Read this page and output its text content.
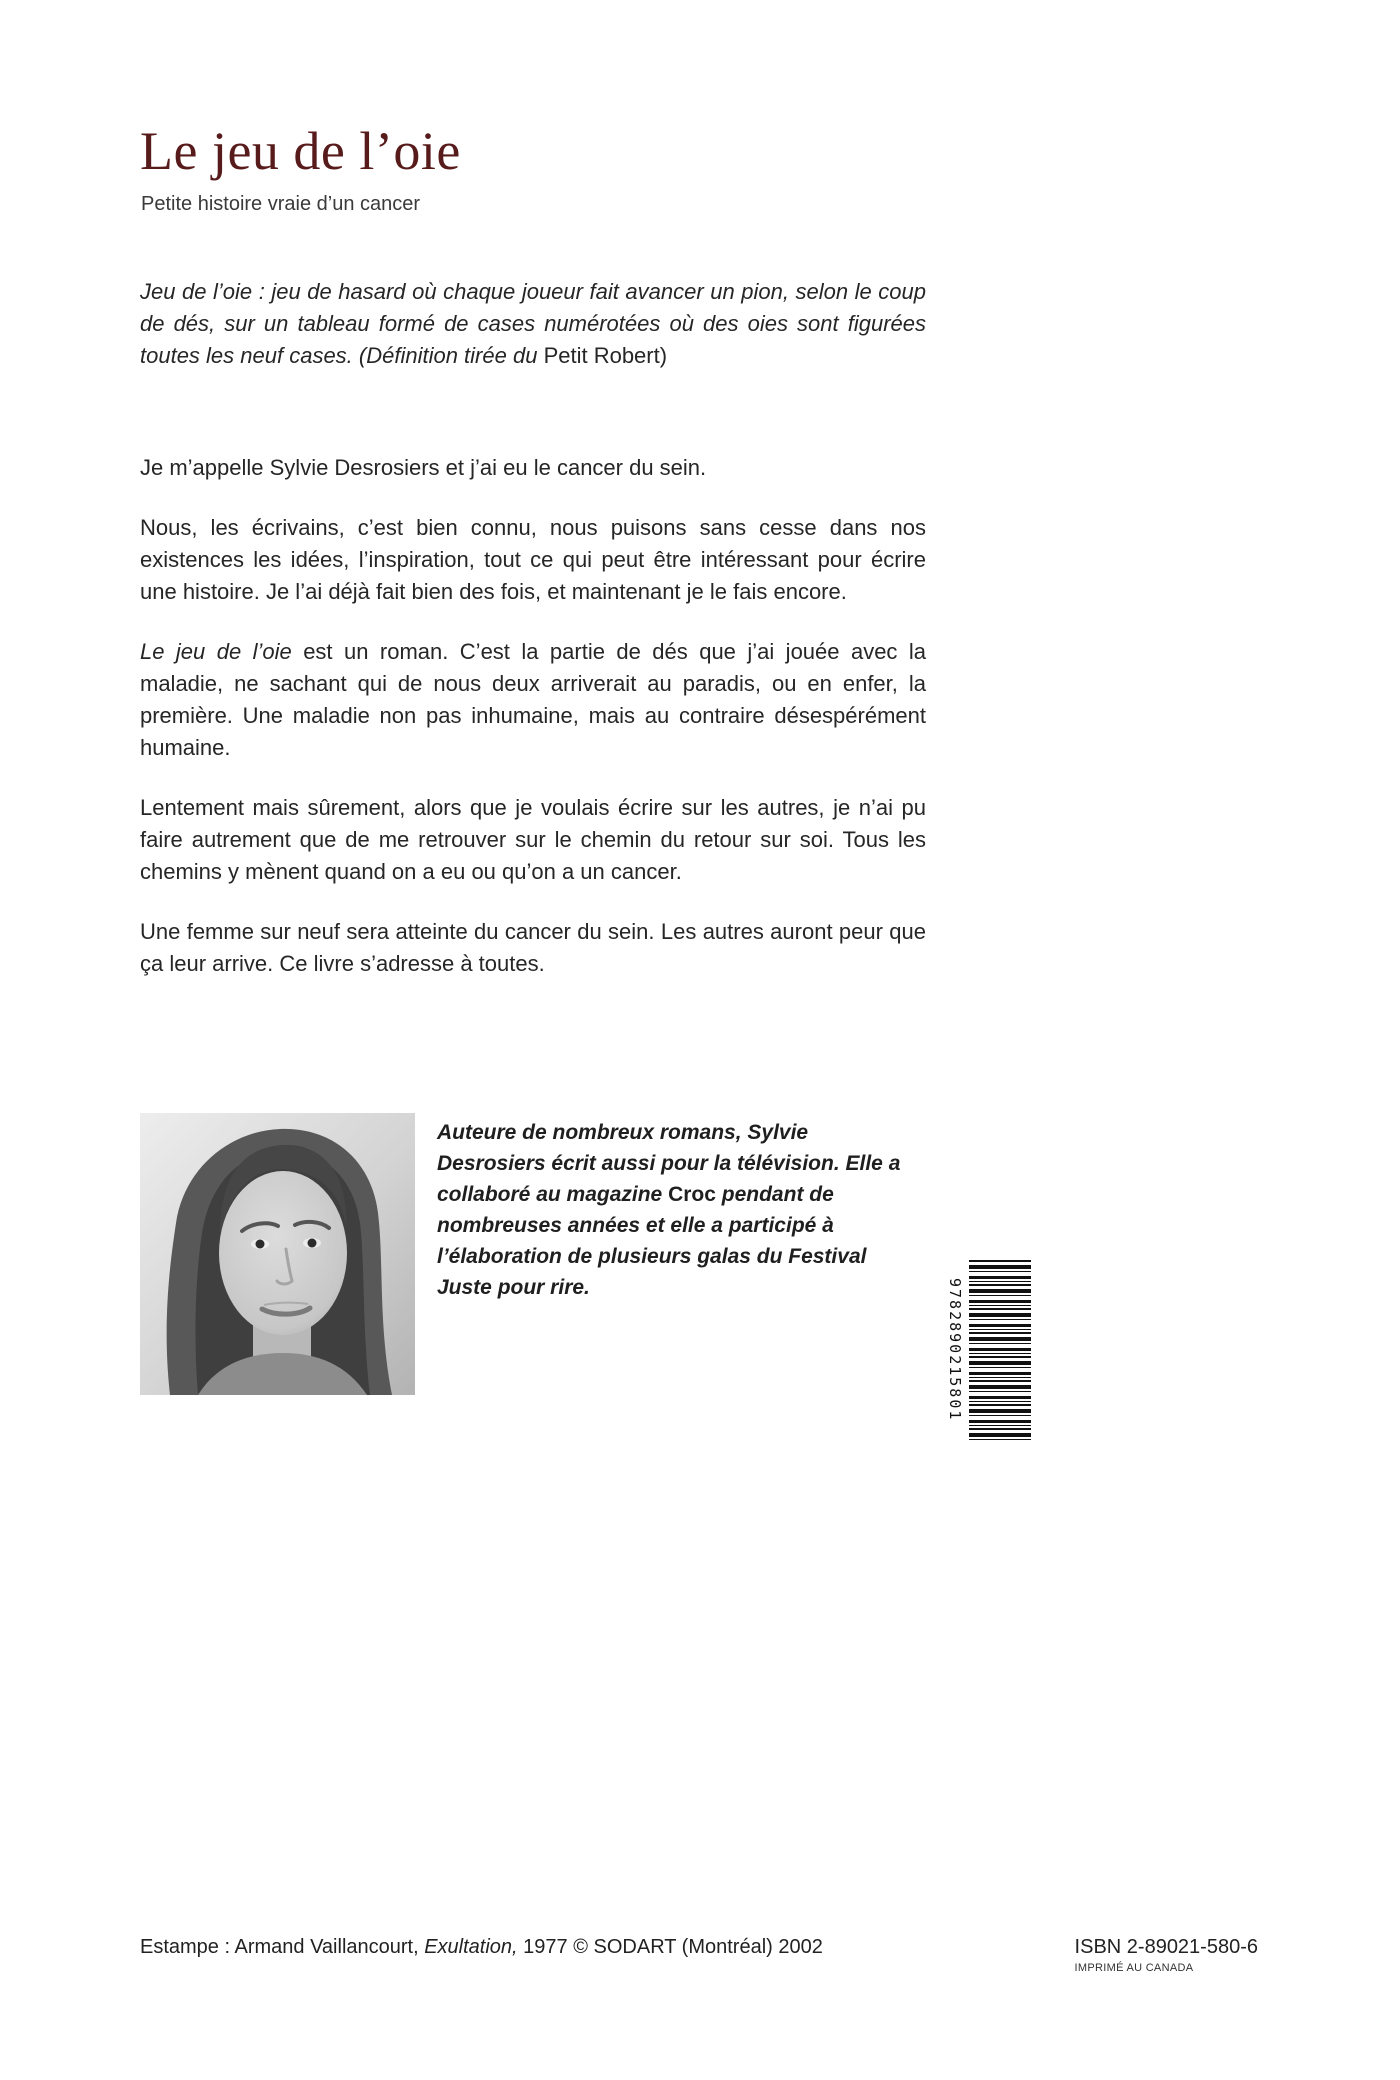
Le jeu de l’oie
Petite histoire vraie d’un cancer

Jeu de l’oie : jeu de hasard où chaque joueur fait avancer un pion, selon le coup de dés, sur un tableau formé de cases numérotées où des oies sont figurées toutes les neuf cases. (Définition tirée du Petit Robert)

Je m’appelle Sylvie Desrosiers et j’ai eu le cancer du sein.

Nous, les écrivains, c’est bien connu, nous puisons sans cesse dans nos existences les idées, l’inspiration, tout ce qui peut être intéressant pour écrire une histoire. Je l’ai déjà fait bien des fois, et maintenant je le fais encore.

Le jeu de l’oie est un roman. C’est la partie de dés que j’ai jouée avec la maladie, ne sachant qui de nous deux arriverait au paradis, ou en enfer, la première. Une maladie non pas inhumaine, mais au contraire désespérément humaine.

Lentement mais sûrement, alors que je voulais écrire sur les autres, je n’ai pu faire autrement que de me retrouver sur le chemin du retour sur soi. Tous les chemins y mènent quand on a eu ou qu’on a un cancer.

Une femme sur neuf sera atteinte du cancer du sein. Les autres auront peur que ça leur arrive. Ce livre s’adresse à toutes.

Auteure de nombreux romans, Sylvie Desrosiers écrit aussi pour la télévision. Elle a collaboré au magazine Croc pendant de nombreuses années et elle a participé à l’élaboration de plusieurs galas du Festival Juste pour rire.	9782890215801

Estampe : Armand Vaillancourt, Exultation, 1977 © SODART (Montréal) 2002	ISBN 2-89021-580-6
IMPRIMÉ AU CANADA
